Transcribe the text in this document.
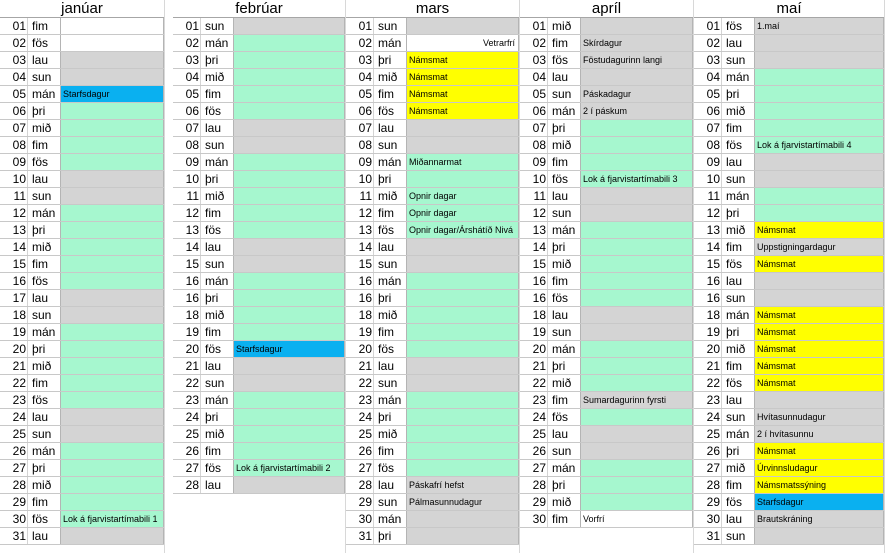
janúar
01 fim
02 fös
03 lau
04 sun
05 mán Starfsdagur
06 þri
07 mið
08 fim
09 fös
10 lau
11 sun
12 mán
13 þri
14 mið
15 fim
16 fös
17 lau
18 sun
19 mán
20 þri
21 mið
22 fim
23 fös
24 lau
25 sun
26 mán
27 þri
28 mið
29 fim
30 fös	Lok á fjarvistartímabili 1
31 lau
febrúar
01 sun
02 mán
03 þri
04 mið
05 fim
06 fös
07 lau
08 sun
09 mán
10 þri
11 mið
12 fim
13 fös
14 lau
15 sun
16 mán
16 þri
18 mið
19 fim
20 fös	Starfsdagur
21 lau
22 sun
23 mán
24 þri
25 mið
26 fim
27 fös	Lok á fjarvistartímabili 2
28 lau
mars
01 sun
02 mán	Vetrarfrí
03 þri	Námsmat
04 mið	Námsmat
05 fim	Námsmat
06 fös	Námsmat
07 lau
08 sun
09 mán Miðannarmat
10 þri
11 mið	Opnir dagar
12 fim	Opnir dagar
13 fös	Opnir dagar/Árshátíð Nivá
14 lau
15 sun
16 mán
16 þri
18 mið
19 fim
20 fös
21 lau
22 sun
23 mán
24 þri
25 mið
26 fim
27 fös
28 lau	Páskafrí hefst
29 sun	Pálmasunnudagur
30 mán
31 þri
apríl
01 mið
02 fim	Skírdagur
03 fös	Föstudagurinn langi
04 lau
05 sun	Páskadagur
06 mán 2 í páskum
07 þri
08 mið
09 fim
10 fös	Lok á fjarvistartímabili 3
11 lau
12 sun
13 mán
14 þri
15 mið
16 fim
16 fös
18 lau
19 sun
20 mán
21 þri
22 mið
23 fim	Sumardagurinn fyrsti
24 fös
25 lau
26 sun
27 mán
28 þri
29 mið
30 fim	Vorfrí
maí
01 fös	1.maí
02 lau
03 sun
04 mán
05 þri
06 mið
07 fim
08 fös	Lok á fjarvistartímabili 4
09 lau
10 sun
11 mán
12 þri
13 mið	Námsmat
14 fim	Uppstigningardagur
15 fös	Námsmat
16 lau
16 sun
18 mán Námsmat
19 þri	Námsmat
20 mið	Námsmat
21 fim	Námsmat
22 fös	Námsmat
23 lau
24 sun	Hvítasunnudagur
25 mán 2 í hvítasunnu
26 þri	Námsmat
27 mið	Úrvinnsludagur
28 fim	Námsmatssýning
29 fös	Starfsdagur
30 lau	Brautskráning
31 sun
